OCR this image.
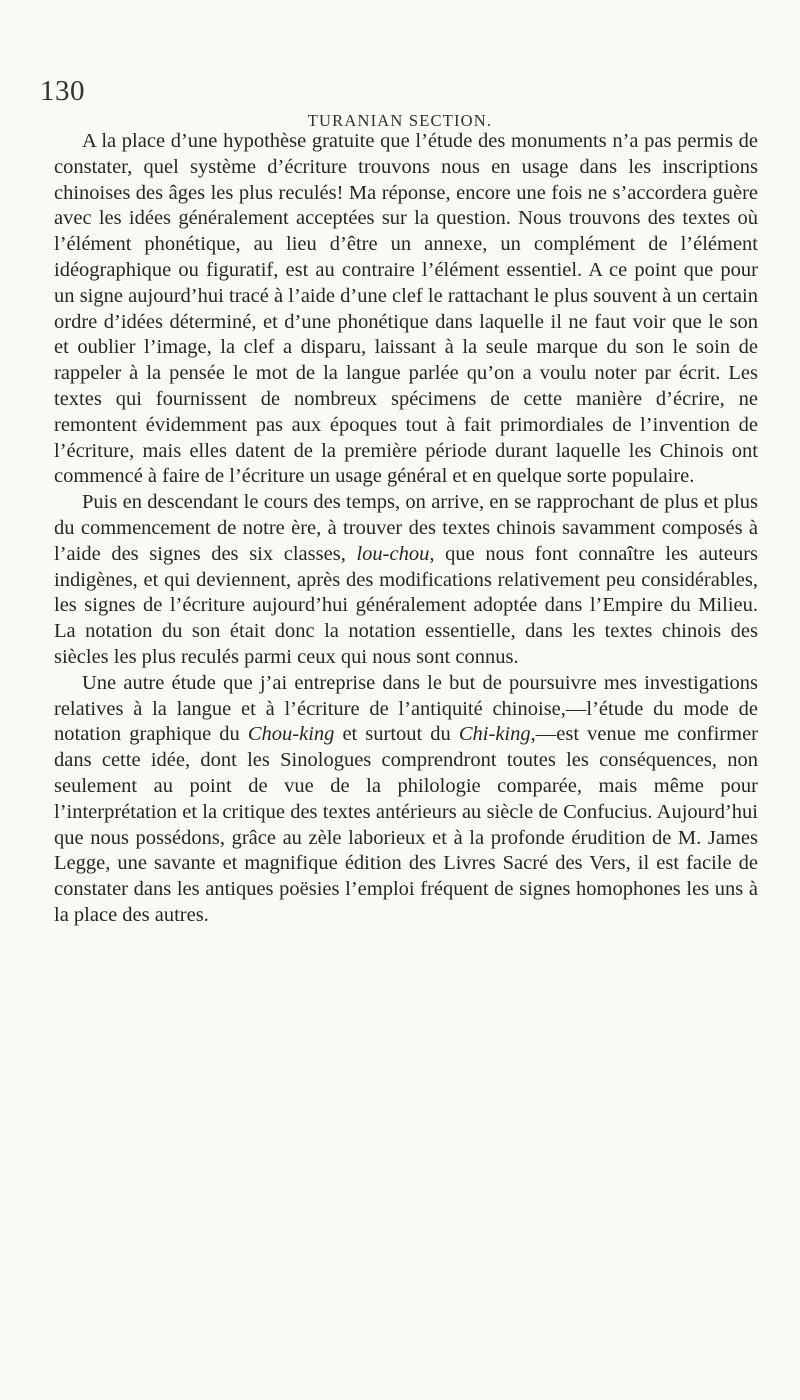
130
TURANIAN SECTION.

A la place d’une hypothèse gratuite que l’étude des monuments n’a pas permis de constater, quel système d’écriture trouvons nous en usage dans les inscriptions chinoises des âges les plus reculés! Ma réponse, encore une fois ne s’accordera guère avec les idées généralement acceptées sur la question. Nous trouvons des textes où l’élément phonétique, au lieu d’être un annexe, un complément de l’élément idéographique ou figuratif, est au contraire l’élément essentiel. A ce point que pour un signe aujourd’hui tracé à l’aide d’une clef le rattachant le plus souvent à un certain ordre d’idées déterminé, et d’une phonétique dans laquelle il ne faut voir que le son et oublier l’image, la clef a disparu, laissant à la seule marque du son le soin de rappeler à la pensée le mot de la langue parlée qu’on a voulu noter par écrit. Les textes qui fournissent de nombreux spécimens de cette manière d’écrire, ne remontent évidemment pas aux époques tout à fait primordiales de l’invention de l’écriture, mais elles datent de la première période durant laquelle les Chinois ont commencé à faire de l’écriture un usage général et en quelque sorte populaire.

Puis en descendant le cours des temps, on arrive, en se rapprochant de plus et plus du commencement de notre ère, à trouver des textes chinois savamment composés à l’aide des signes des six classes, lou-chou, que nous font connaître les auteurs indigènes, et qui deviennent, après des modifications relativement peu considérables, les signes de l’écriture aujourd’hui généralement adoptée dans l’Empire du Milieu. La notation du son était donc la notation essentielle, dans les textes chinois des siècles les plus reculés parmi ceux qui nous sont connus.

Une autre étude que j’ai entreprise dans le but de poursuivre mes investigations relatives à la langue et à l’écriture de l’antiquité chinoise,—l’étude du mode de notation graphique du Chou-king et surtout du Chi-king,—est venue me confirmer dans cette idée, dont les Sinologues comprendront toutes les conséquences, non seulement au point de vue de la philologie comparée, mais même pour l’interprétation et la critique des textes antérieurs au siècle de Confucius. Aujourd’hui que nous possédons, grâce au zèle laborieux et à la profonde érudition de M. James Legge, une savante et magnifique édition des Livres Sacré des Vers, il est facile de constater dans les antiques poësies l’emploi fréquent de signes homophones les uns à la place des autres.
